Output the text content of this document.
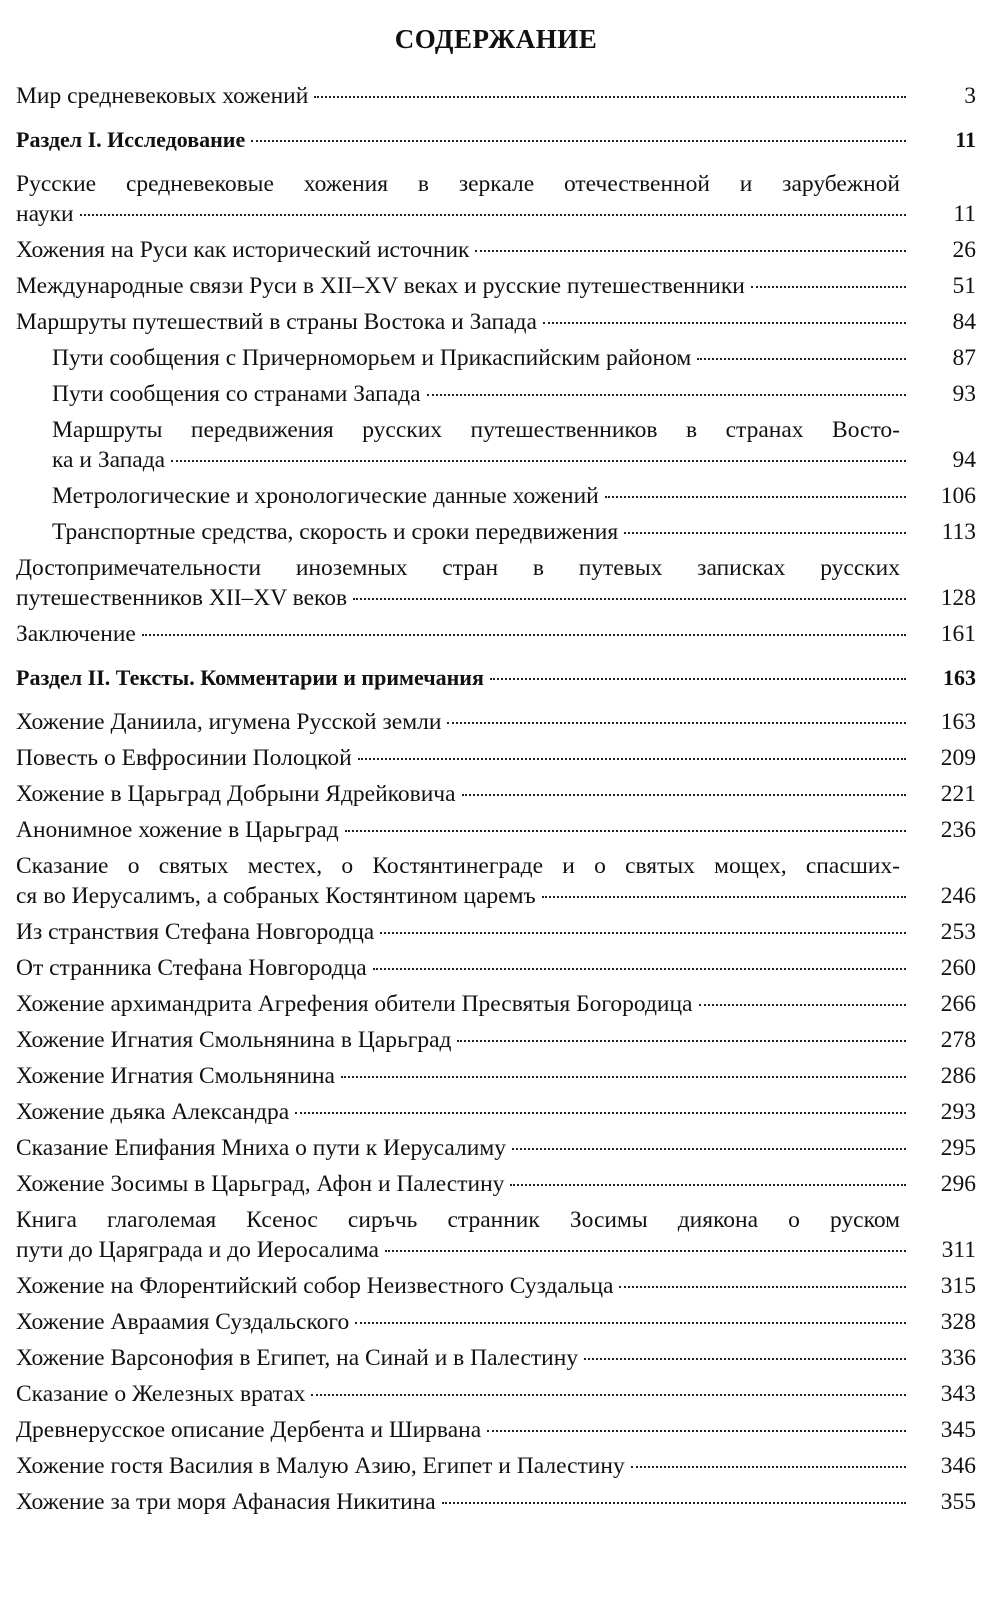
СОДЕРЖАНИЕ
Мир средневековых хожений	3
Раздел I. Исследование	11
Русские средневековые хожения в зеркале отечественной и зарубежной
науки	11
Хожения на Руси как исторический источник	26
Международные связи Руси в XII–XV веках и русские путешественники	51
Маршруты путешествий в страны Востока и Запада	84
Пути сообщения с Причерноморьем и Прикаспийским районом	87
Пути сообщения со странами Запада	93
Маршруты передвижения русских путешественников в странах Восто-
ка и Запада	94
Метрологические и хронологические данные хожений	106
Транспортные средства, скорость и сроки передвижения	113
Достопримечательности иноземных стран в путевых записках русских
путешественников XII–XV веков	128
Заключение	161
Раздел II. Тексты. Комментарии и примечания	163
Хожение Даниила, игумена Русской земли	163
Повесть о Евфросинии Полоцкой	209
Хожение в Царьград Добрыни Ядрейковича	221
Анонимное хожение в Царьград	236
Сказание о святых местех, о Костянтинеграде и о святых мощех, спасших-
ся во Иерусалимъ, а собраных Костянтином царемъ	246
Из странствия Стефана Новгородца	253
От странника Стефана Новгородца	260
Хожение архимандрита Агрефения обители Пресвятыя Богородица	266
Хожение Игнатия Смольнянина в Царьград	278
Хожение Игнатия Смольнянина	286
Хожение дьяка Александра	293
Сказание Епифания Мниха о пути к Иерусалиму	295
Хожение Зосимы в Царьград, Афон и Палестину	296
Книга глаголемая Ксенос сиръчь странник Зосимы диякона о руском
пути до Царяграда и до Иеросалима	311
Хожение на Флорентийский собор Неизвестного Суздальца	315
Хожение Авраамия Суздальского	328
Хожение Варсонофия в Египет, на Синай и в Палестину	336
Сказание о Железных вратах	343
Древнерусское описание Дербента и Ширвана	345
Хожение гостя Василия в Малую Азию, Египет и Палестину	346
Хожение за три моря Афанасия Никитина	355
